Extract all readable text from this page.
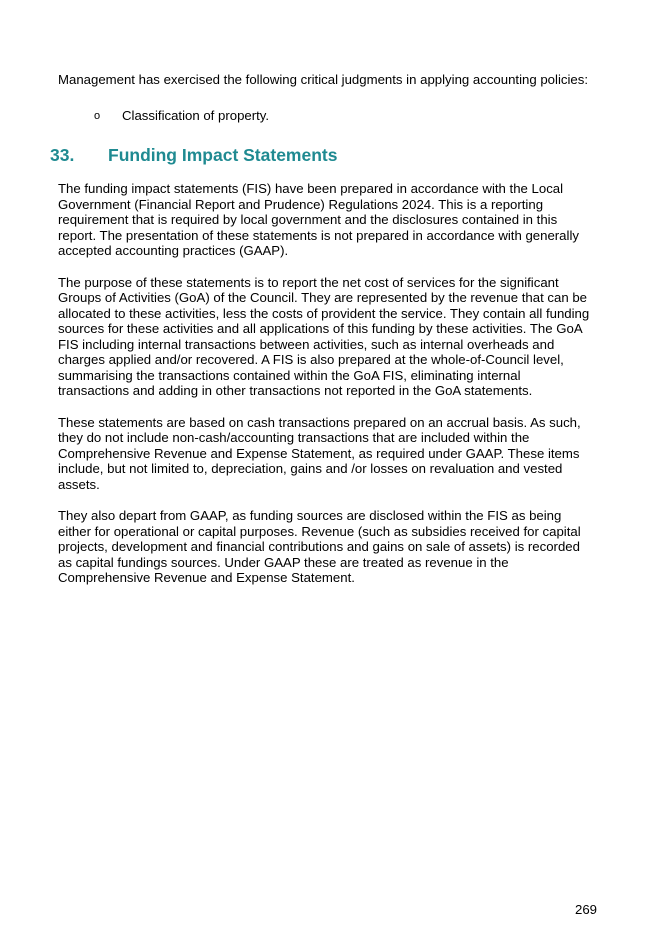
Management has exercised the following critical judgments in applying accounting policies:

o	Classification of property.
33.	Funding Impact Statements

The funding impact statements (FIS) have been prepared in accordance with the Local Government (Financial Report and Prudence) Regulations 2024. This is a reporting requirement that is required by local government and the disclosures contained in this report. The presentation of these statements is not prepared in accordance with generally accepted accounting practices (GAAP).

The purpose of these statements is to report the net cost of services for the significant Groups of Activities (GoA) of the Council. They are represented by the revenue that can be allocated to these activities, less the costs of provident the service. They contain all funding sources for these activities and all applications of this funding by these activities. The GoA FIS including internal transactions between activities, such as internal overheads and charges applied and/or recovered. A FIS is also prepared at the whole-of-Council level, summarising the transactions contained within the GoA FIS, eliminating internal transactions and adding in other transactions not reported in the GoA statements.

These statements are based on cash transactions prepared on an accrual basis. As such, they do not include non-cash/accounting transactions that are included within the Comprehensive Revenue and Expense Statement, as required under GAAP. These items include, but not limited to, depreciation, gains and /or losses on revaluation and vested assets.

They also depart from GAAP, as funding sources are disclosed within the FIS as being either for operational or capital purposes. Revenue (such as subsidies received for capital projects, development and financial contributions and gains on sale of assets) is recorded as capital fundings sources. Under GAAP these are treated as revenue in the Comprehensive Revenue and Expense Statement.

269
